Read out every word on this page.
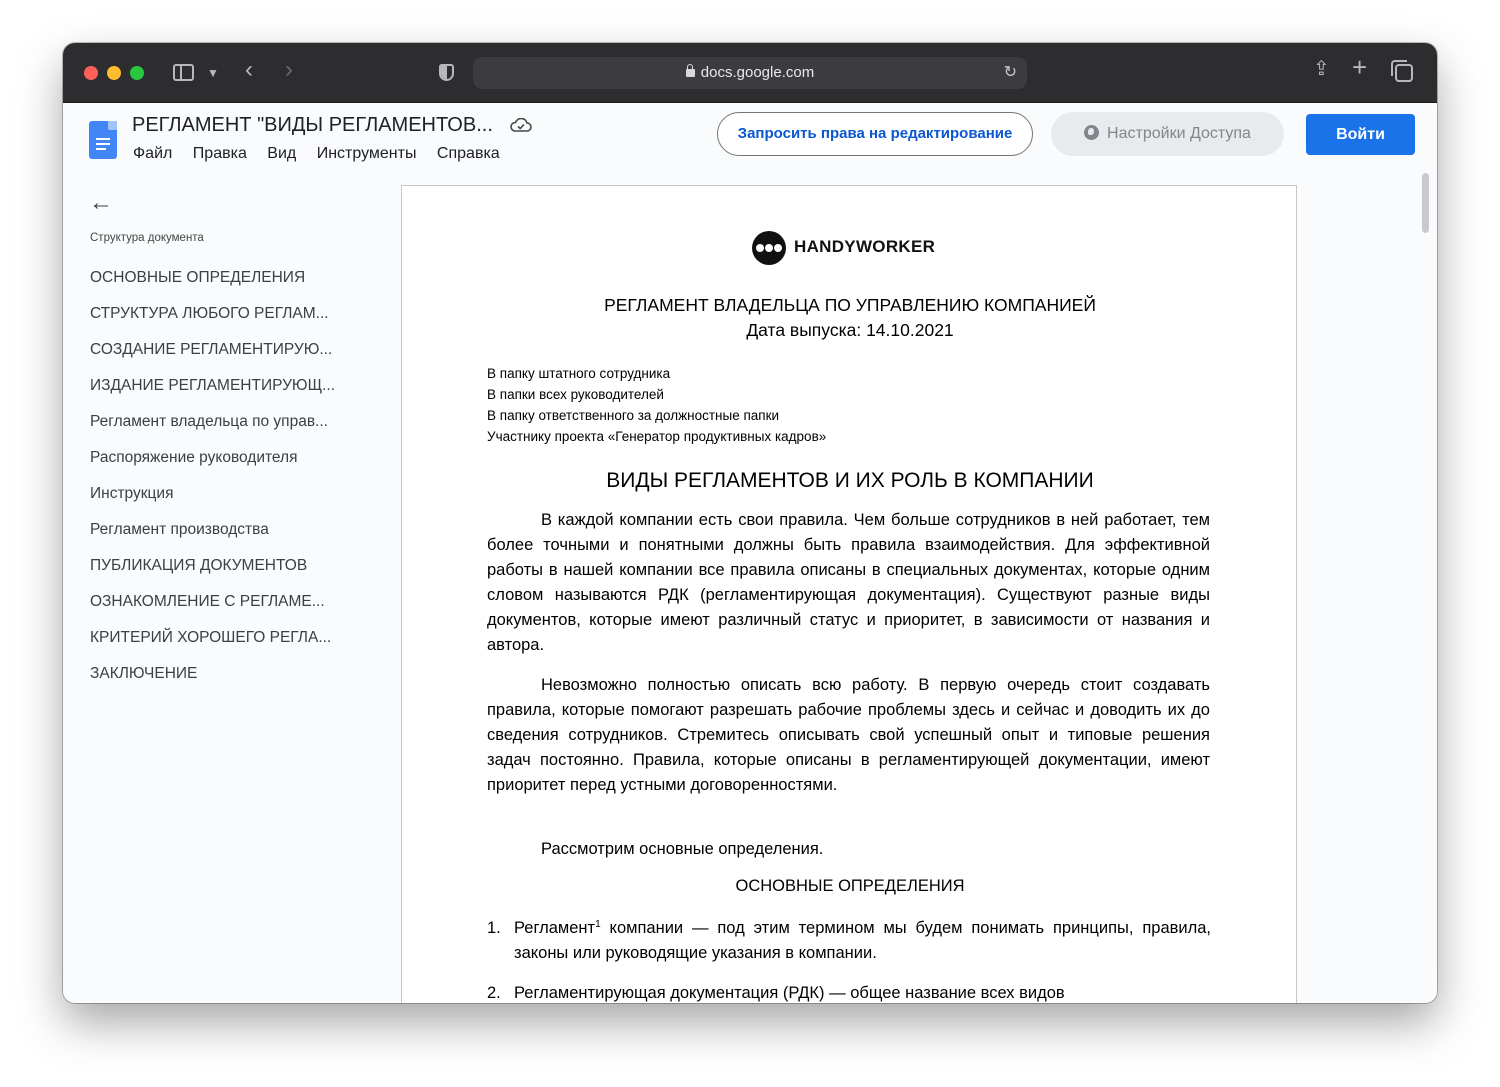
▼ ‹ ›	docs.google.com	↻	⇪ +
РЕГЛАМЕНТ "ВИДЫ РЕГЛАМЕНТОВ...
Файл Правка Вид Инструменты Справка
Запросить права на редактирование	Настройки Доступа	Войти
←
Структура документа
ОСНОВНЫЕ ОПРЕДЕЛЕНИЯ
СТРУКТУРА ЛЮБОГО РЕГЛАМ...
СОЗДАНИЕ РЕГЛАМЕНТИРУЮ...
ИЗДАНИЕ РЕГЛАМЕНТИРУЮЩ...
Регламент владельца по управ...
Распоряжение руководителя
Инструкция
Регламент производства
ПУБЛИКАЦИЯ ДОКУМЕНТОВ
ОЗНАКОМЛЕНИЕ С РЕГЛАМЕ...
КРИТЕРИЙ ХОРОШЕГО РЕГЛА...
ЗАКЛЮЧЕНИЕ
HANDYWORKER
РЕГЛАМЕНТ ВЛАДЕЛЬЦА ПО УПРАВЛЕНИЮ КОМПАНИЕЙ
Дата выпуска: 14.10.2021
В папку штатного сотрудника
В папки всех руководителей
В папку ответственного за должностные папки
Участнику проекта «Генератор продуктивных кадров»
ВИДЫ РЕГЛАМЕНТОВ И ИХ РОЛЬ В КОМПАНИИ
В каждой компании есть свои правила. Чем больше сотрудников в ней работает, тем более точными и понятными должны быть правила взаимодействия. Для эффективной работы в нашей компании все правила описаны в специальных документах, которые одним словом называются РДК (регламентирующая документация). Существуют разные виды документов, которые имеют различный статус и приоритет, в зависимости от названия и автора.
Невозможно полностью описать всю работу. В первую очередь стоит создавать правила, которые помогают разрешать рабочие проблемы здесь и сейчас и доводить их до сведения сотрудников. Стремитесь описывать свой успешный опыт и типовые решения задач постоянно. Правила, которые описаны в регламентирующей документации, имеют приоритет перед устными договоренностями.
Рассмотрим основные определения.
ОСНОВНЫЕ ОПРЕДЕЛЕНИЯ
1. Регламент$^1$ компании — под этим термином мы будем понимать принципы, правила, законы или руководящие указания в компании.
2. Регламентирующая документация (РДК) — общее название всех видов
